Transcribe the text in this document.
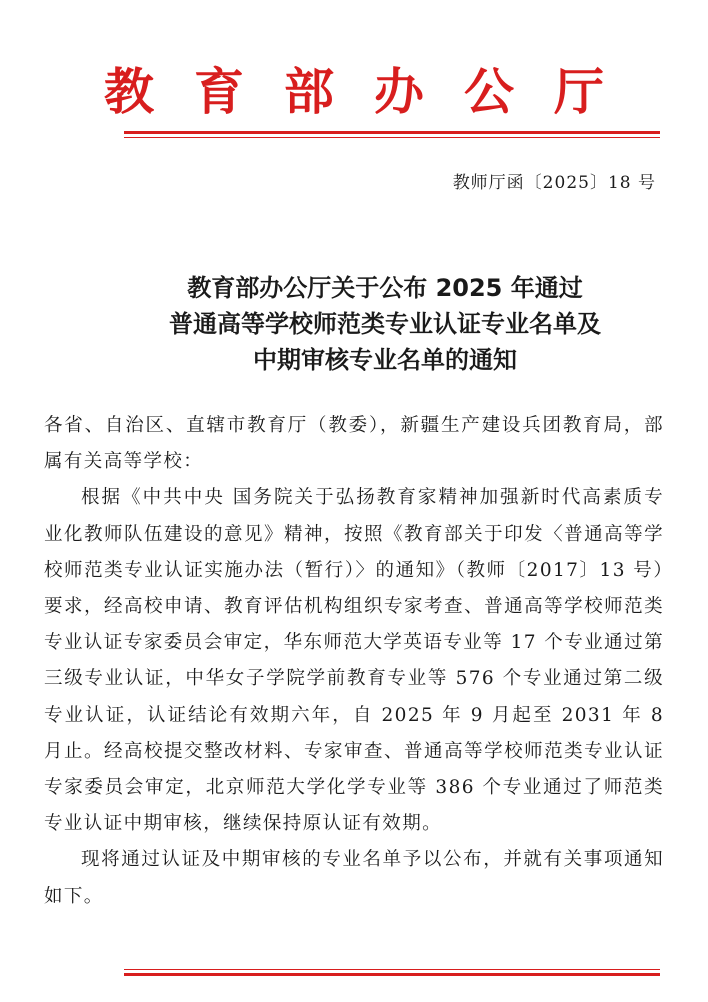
教育部办公厅
教师厅函〔2025〕18 号
教育部办公厅关于公布 2025 年通过
普通高等学校师范类专业认证专业名单及
中期审核专业名单的通知

各省、自治区、直辖市教育厅（教委），新疆生产建设兵团教育局，部属有关高等学校：

根据《中共中央 国务院关于弘扬教育家精神加强新时代高素质专业化教师队伍建设的意见》精神，按照《教育部关于印发〈普通高等学校师范类专业认证实施办法（暂行）〉的通知》（教师〔2017〕13 号）要求，经高校申请、教育评估机构组织专家考查、普通高等学校师范类专业认证专家委员会审定，华东师范大学英语专业等 17 个专业通过第三级专业认证，中华女子学院学前教育专业等 576 个专业通过第二级专业认证，认证结论有效期六年，自 2025 年 9 月起至 2031 年 8 月止。经高校提交整改材料、专家审查、普通高等学校师范类专业认证专家委员会审定，北京师范大学化学专业等 386 个专业通过了师范类专业认证中期审核，继续保持原认证有效期。

现将通过认证及中期审核的专业名单予以公布，并就有关事项通知如下。
